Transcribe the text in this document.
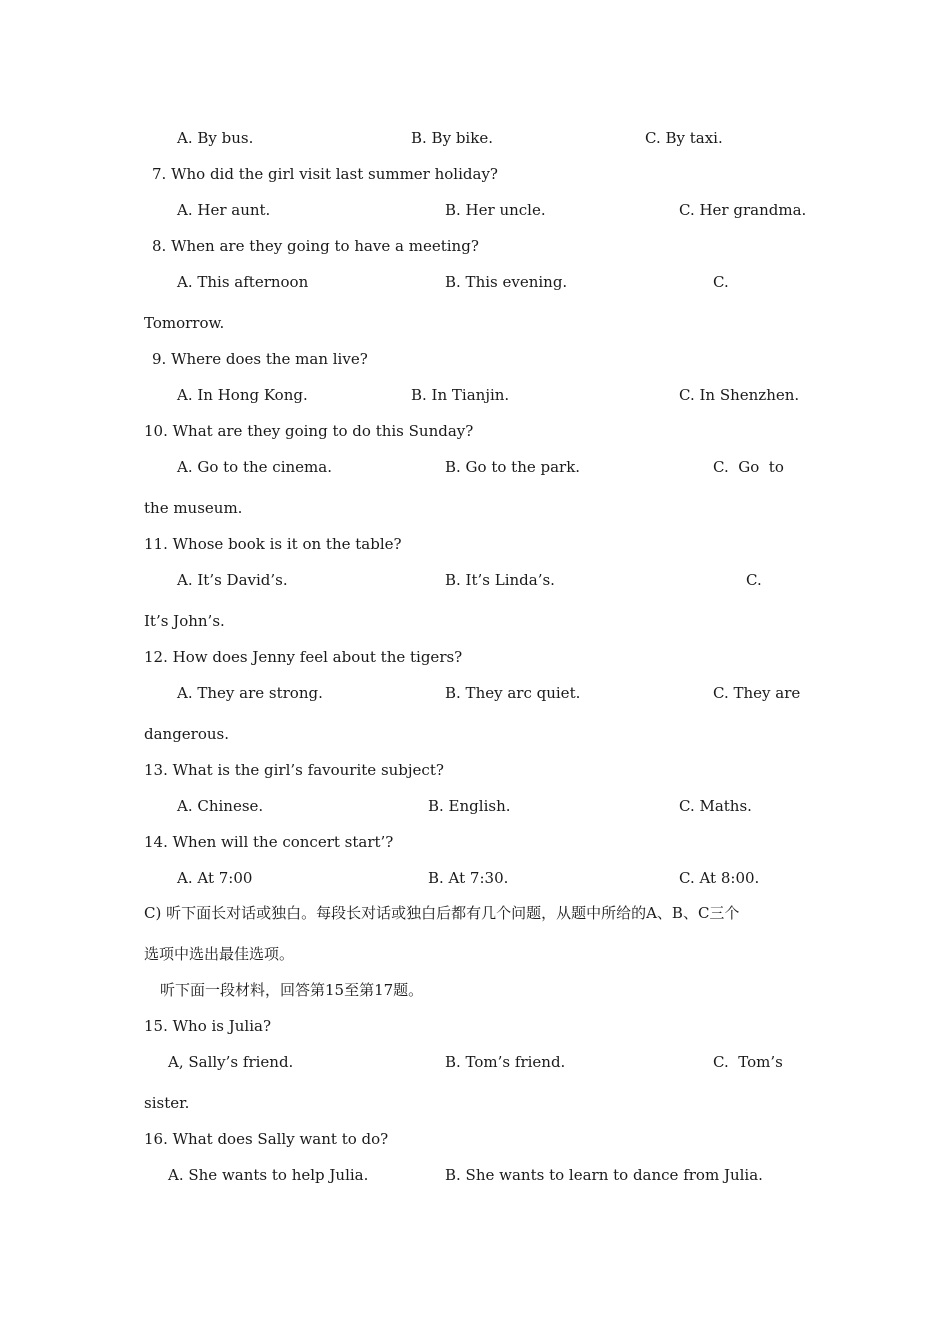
A. By bus.	B. By bike.	C. By taxi.
7. Who did the girl visit last summer holiday?
A. Her aunt.	B. Her uncle.	C. Her grandma.
8. When are they going to have a meeting?
A. This afternoon	B. This evening.	C.
Tomorrow.
9. Where does the man live?
A. In Hong Kong.	B. In Tianjin.	C. In Shenzhen.
10. What are they going to do this Sunday?
A. Go to the cinema.	B. Go to the park.	C.  Go  to
the museum.
11. Whose book is it on the table?
A. It’s David’s.	B. It’s Linda’s.	C.
It’s John’s.
12. How does Jenny feel about the tigers?
A. They are strong.	B. They arc quiet.	C. They are
dangerous.
13. What is the girl’s favourite subject?
A. Chinese.	B. English.	C. Maths.
14. When will the concert start’?
A. At 7:00	B. At 7:30.	C. At 8:00.
C) 听下面长对话或独白。每段长对话或独白后都有几个问题，从题中所给的A、B、C三个
选项中选出最佳选项。
听下面一段材料，回答第15至第17题。
15. Who is Julia?
A, Sally’s friend.	B. Tom’s friend.	C.  Tom’s
sister.
16. What does Sally want to do?
A. She wants to help Julia.	B. She wants to learn to dance from Julia.
